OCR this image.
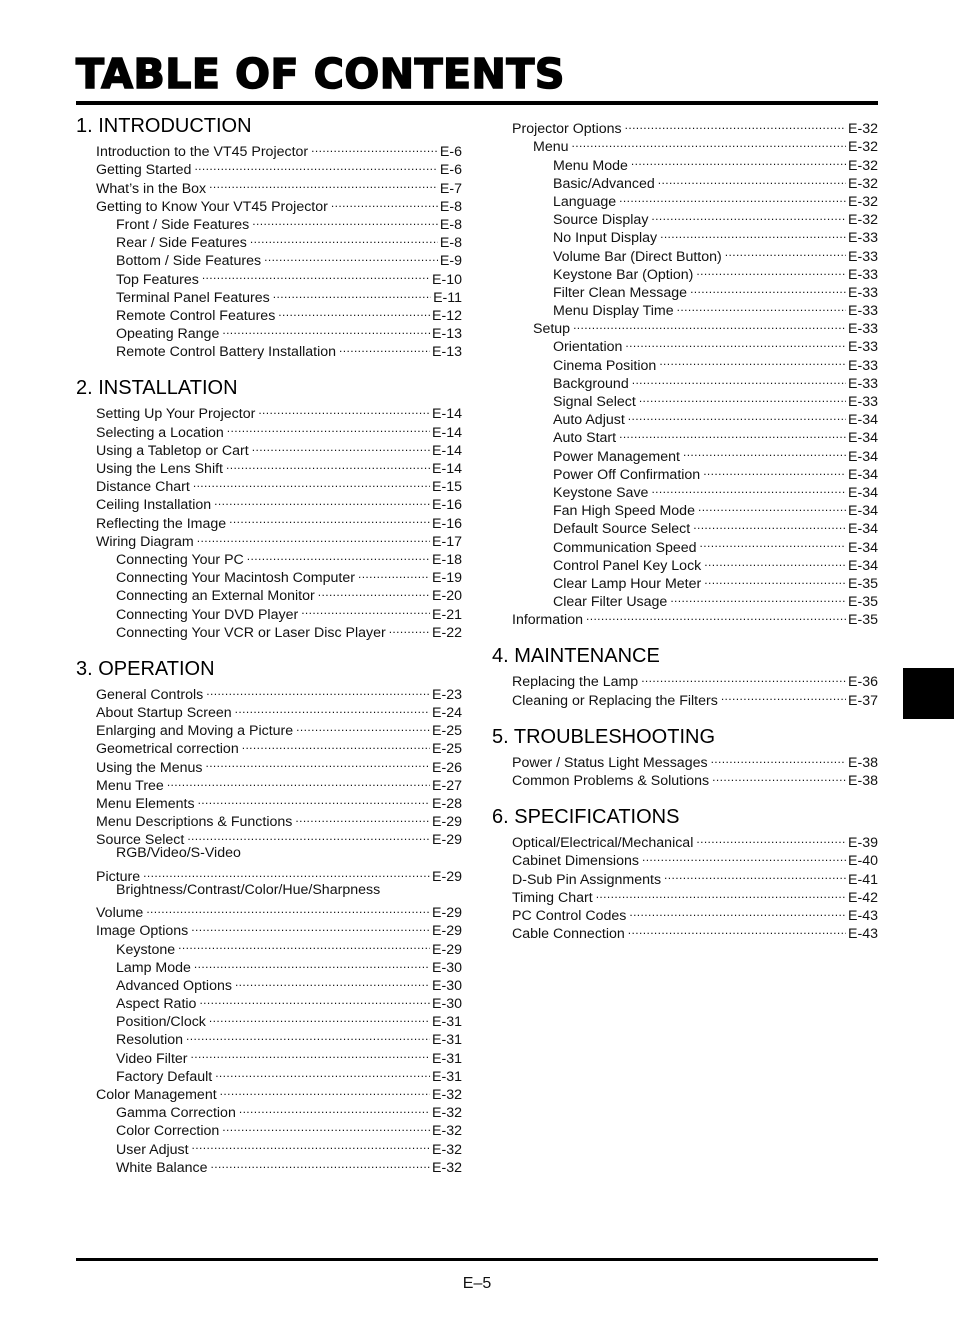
TABLE OF CONTENTS
1. INTRODUCTION
Introduction to the VT45 Projector .....	E-6
Getting Started .....	E-6
What’s in the Box .....	E-7
Getting to Know Your VT45 Projector .....	E-8
Front / Side Features .....	E-8
Rear / Side Features .....	E-8
Bottom / Side Features .....	E-9
Top Features .....	E-10
Terminal Panel Features .....	E-11
Remote Control Features .....	E-12
Opeating Range .....	E-13
Remote Control Battery Installation .....	E-13
2. INSTALLATION
Setting Up Your Projector .....	E-14
Selecting a Location .....	E-14
Using a Tabletop or Cart .....	E-14
Using the Lens Shift .....	E-14
Distance Chart .....	E-15
Ceiling Installation .....	E-16
Reflecting the Image .....	E-16
Wiring Diagram .....	E-17
Connecting Your PC .....	E-18
Connecting Your Macintosh Computer .....	E-19
Connecting an External Monitor .....	E-20
Connecting Your DVD Player .....	E-21
Connecting Your VCR or Laser Disc Player .....	E-22
3. OPERATION
General Controls .....	E-23
About Startup Screen .....	E-24
Enlarging and Moving a Picture .....	E-25
Geometrical correction .....	E-25
Using the Menus .....	E-26
Menu Tree .....	E-27
Menu Elements .....	E-28
Menu Descriptions & Functions .....	E-29
Source Select .....	E-29
RGB/Video/S-Video
Picture .....	E-29
Brightness/Contrast/Color/Hue/Sharpness
Volume .....	E-29
Image Options .....	E-29
Keystone .....	E-29
Lamp Mode .....	E-30
Advanced Options .....	E-30
Aspect Ratio .....	E-30
Position/Clock .....	E-31
Resolution .....	E-31
Video Filter .....	E-31
Factory Default .....	E-31
Color Management .....	E-32
Gamma Correction .....	E-32
Color Correction .....	E-32
User Adjust .....	E-32
White Balance .....	E-32
Projector Options .....	E-32
Menu .....	E-32
Menu Mode .....	E-32
Basic/Advanced .....	E-32
Language .....	E-32
Source Display .....	E-32
No Input Display .....	E-33
Volume Bar (Direct Button) .....	E-33
Keystone Bar (Option) .....	E-33
Filter Clean Message .....	E-33
Menu Display Time .....	E-33
Setup .....	E-33
Orientation .....	E-33
Cinema Position .....	E-33
Background .....	E-33
Signal Select .....	E-33
Auto Adjust .....	E-34
Auto Start .....	E-34
Power Management .....	E-34
Power Off Confirmation .....	E-34
Keystone Save .....	E-34
Fan High Speed Mode .....	E-34
Default Source Select .....	E-34
Communication Speed .....	E-34
Control Panel Key Lock .....	E-34
Clear Lamp Hour Meter .....	E-35
Clear Filter Usage .....	E-35
Information .....	E-35
4. MAINTENANCE
Replacing the Lamp .....	E-36
Cleaning or Replacing the Filters .....	E-37
5. TROUBLESHOOTING
Power / Status Light Messages .....	E-38
Common Problems & Solutions .....	E-38
6. SPECIFICATIONS
Optical/Electrical/Mechanical .....	E-39
Cabinet Dimensions .....	E-40
D-Sub Pin Assignments .....	E-41
Timing Chart .....	E-42
PC Control Codes .....	E-43
Cable Connection .....	E-43
E–5
